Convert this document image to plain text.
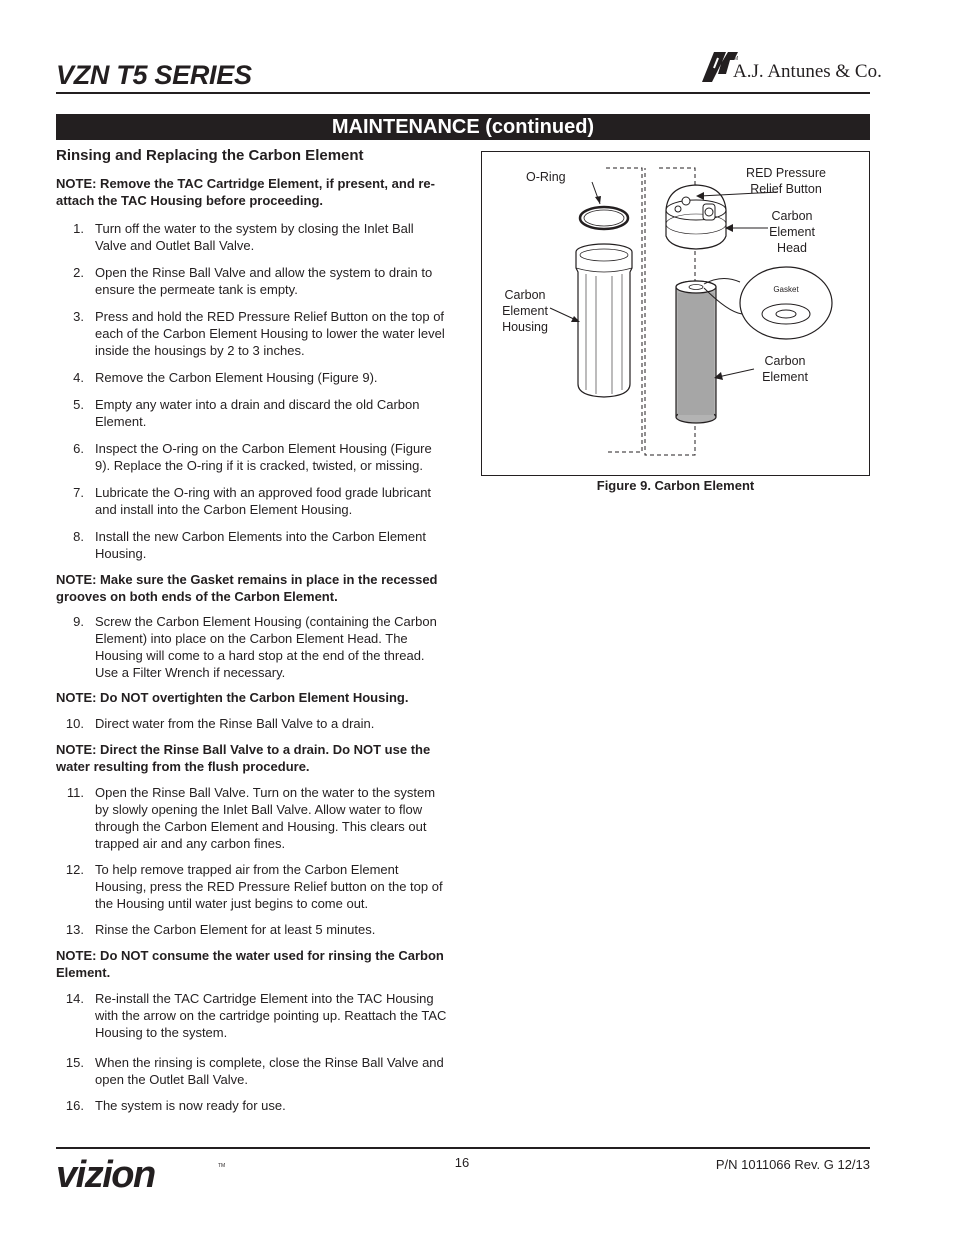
VZN T5 SERIES
TM
A.J. Antunes & Co.
MAINTENANCE (continued)
Rinsing and Replacing the Carbon Element

NOTE: Remove the TAC Cartridge Element, if present, and re-attach the TAC Housing before proceeding.

1. Turn off the water to the system by closing the Inlet Ball Valve and Outlet Ball Valve.
2. Open the Rinse Ball Valve and allow the system to drain to ensure the permeate tank is empty.
3. Press and hold the RED Pressure Relief Button on the top of each of the Carbon Element Housing to lower the water level inside the housings by 2 to 3 inches.
4. Remove the Carbon Element Housing (Figure 9).
5. Empty any water into a drain and discard the old Carbon Element.
6. Inspect the O-ring on the Carbon Element Housing (Figure 9). Replace the O-ring if it is cracked, twisted, or missing.
7. Lubricate the O-ring with an approved food grade lubricant and install into the Carbon Element Housing.
8. Install the new Carbon Elements into the Carbon Element Housing.

NOTE: Make sure the Gasket remains in place in the recessed grooves on both ends of the Carbon Element.

9. Screw the Carbon Element Housing (containing the Carbon Element) into place on the Carbon Element Head. The Housing will come to a hard stop at the end of the thread. Use a Filter Wrench if necessary.

NOTE: Do NOT overtighten the Carbon Element Housing.

10. Direct water from the Rinse Ball Valve to a drain.

NOTE: Direct the Rinse Ball Valve to a drain. Do NOT use the water resulting from the flush procedure.

11. Open the Rinse Ball Valve. Turn on the water to the system by slowly opening the Inlet Ball Valve. Allow water to flow through the Carbon Element and Housing. This clears out trapped air and any carbon fines.
12. To help remove trapped air from the Carbon Element Housing, press the RED Pressure Relief button on the top of the Housing until water just begins to come out.
13. Rinse the Carbon Element for at least 5 minutes.

NOTE: Do NOT consume the water used for rinsing the Carbon Element.

14. Re-install the TAC Cartridge Element into the TAC Housing with the arrow on the cartridge pointing up. Reattach the TAC Housing to the system.
15. When the rinsing is complete, close the Rinse Ball Valve and open the Outlet Ball Valve.
16. The system is now ready for use.
O-Ring	RED Pressure
Relief Button
Carbon
Element
Head
Carbon
Element
Housing
Gasket
Carbon
Element
Figure 9. Carbon Element
vizion	TM	16	P/N 1011066 Rev. G 12/13
